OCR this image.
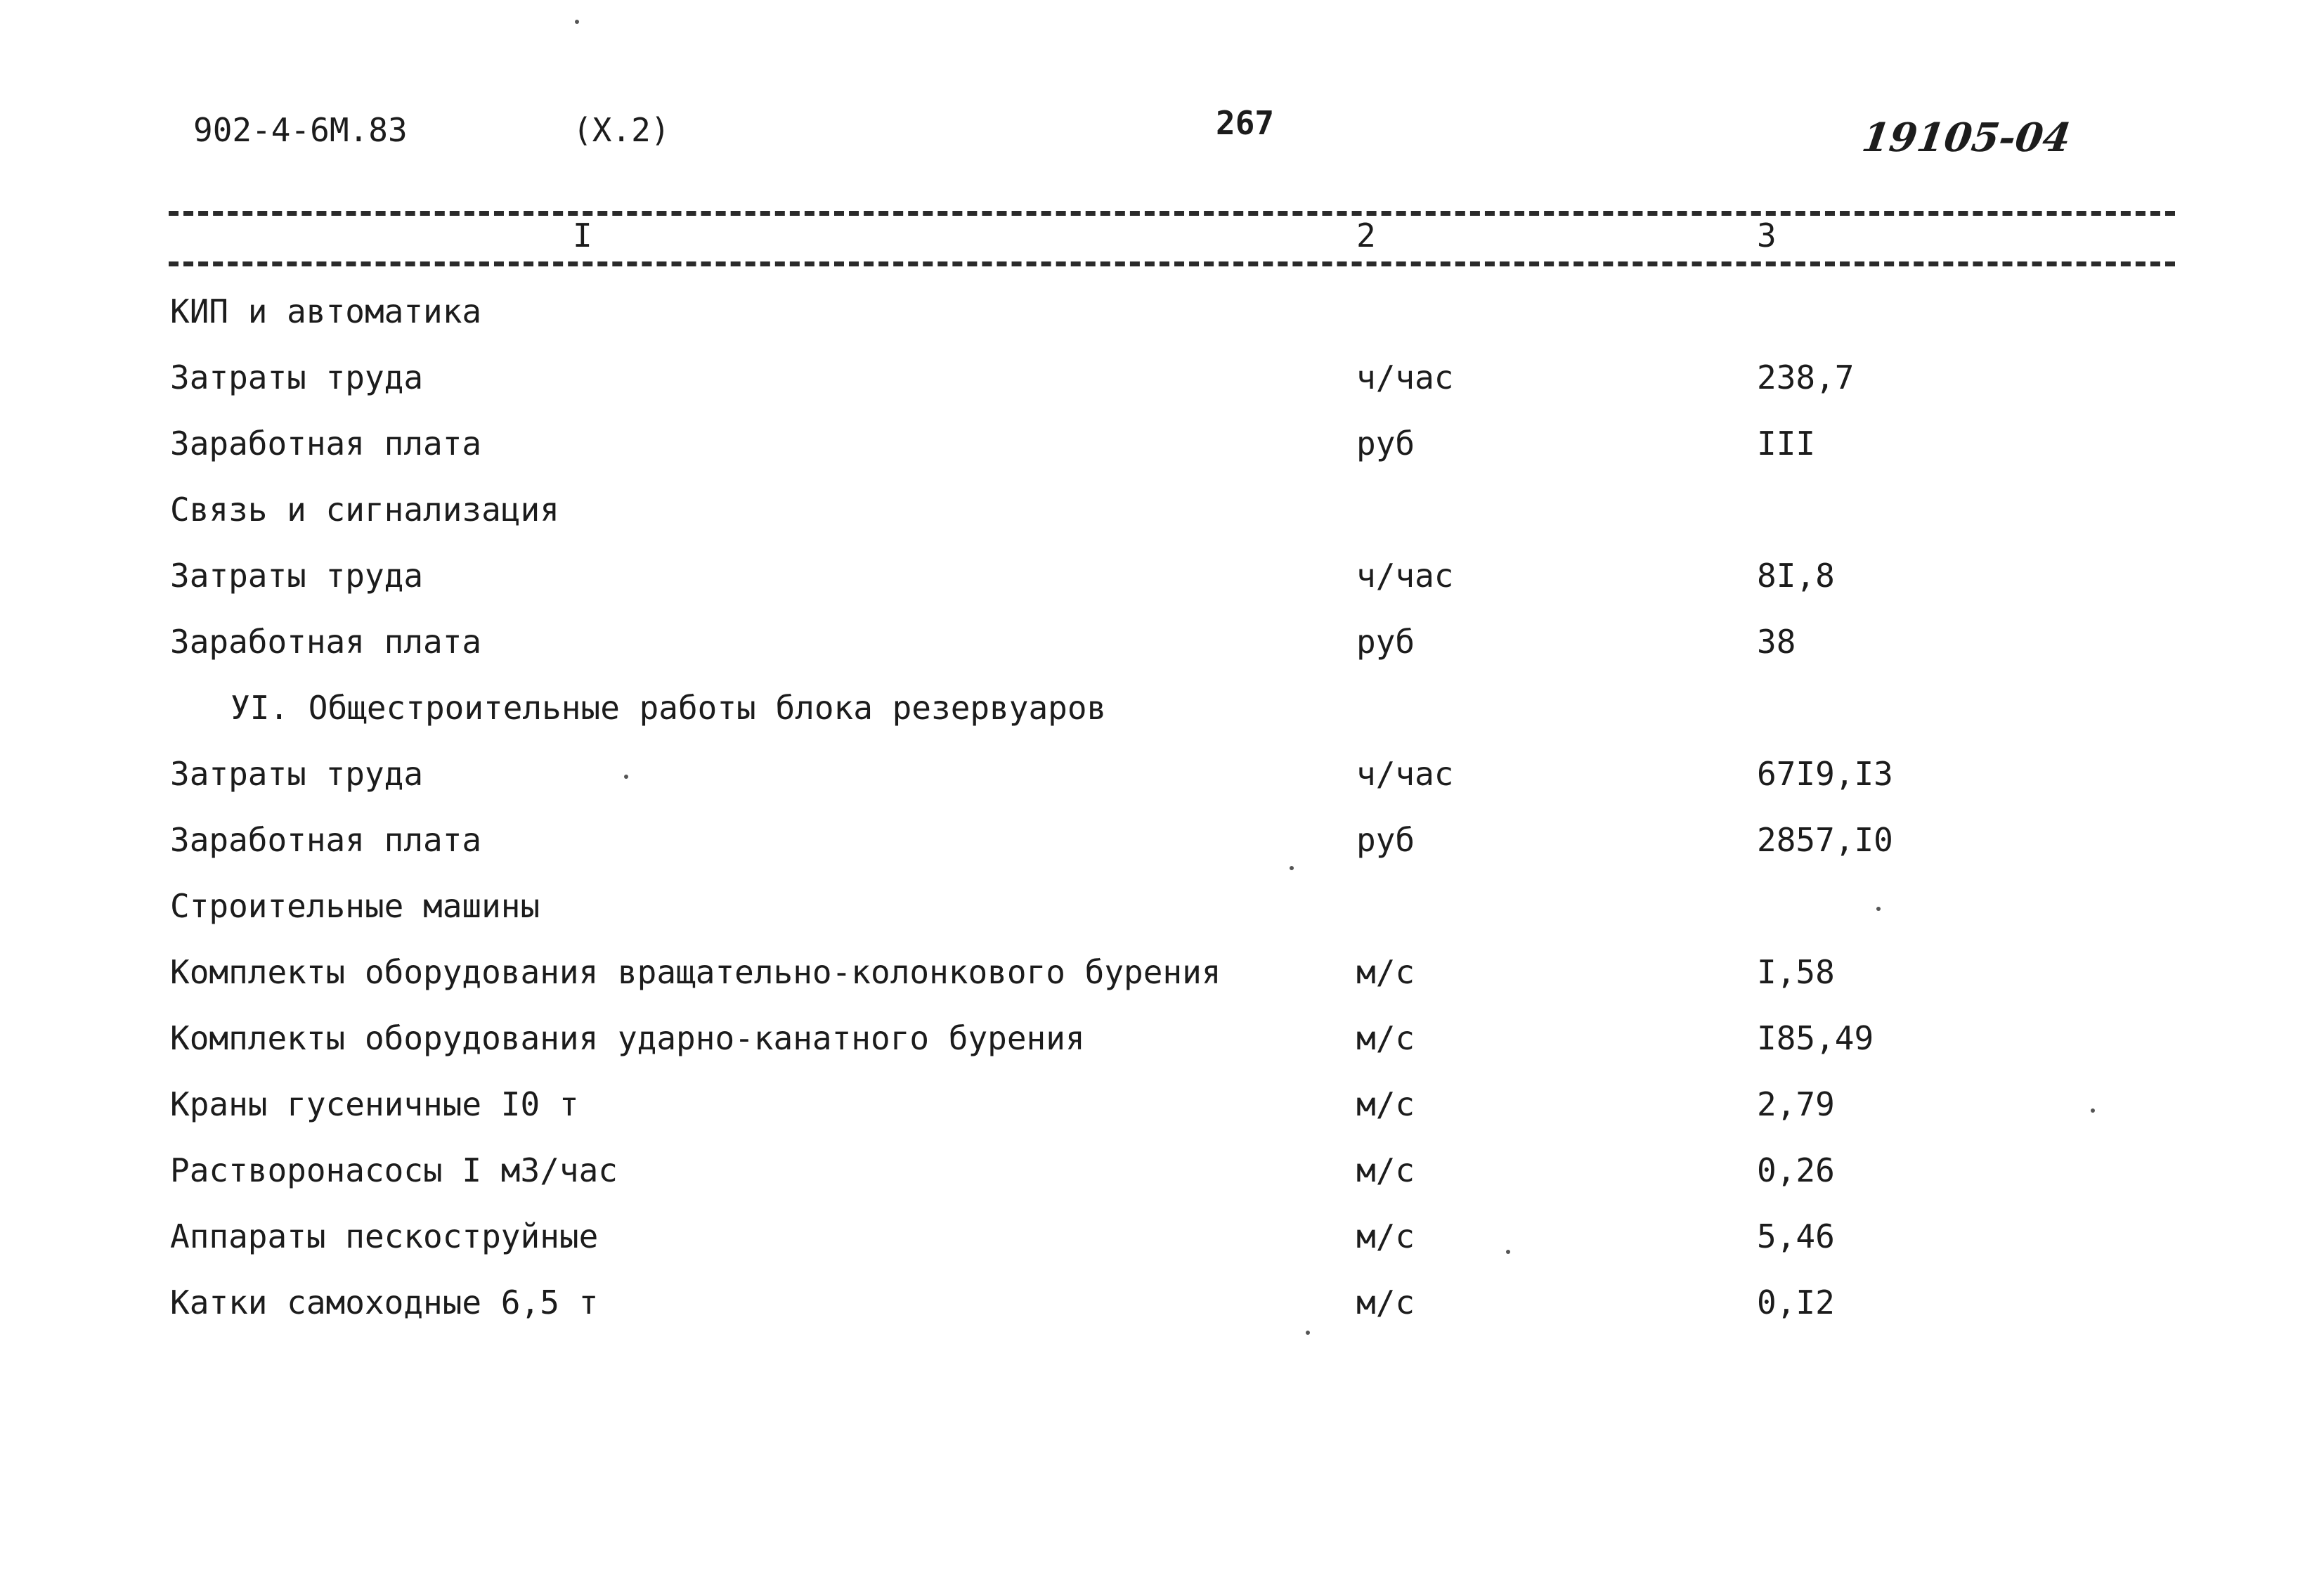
902-4-6М.83	(X.2)	267	19105-04
I	2	3
КИП и автоматика
Затраты труда	ч/час	238,7
Заработная плата	руб	III
Связь и сигнализация
Затраты труда	ч/час	8I,8
Заработная плата	руб	38
УI. Общестроительные работы блока резервуаров
Затраты труда	ч/час	67I9,I3
Заработная плата	руб	2857,I0
Строительные машины
Комплекты оборудования вращательно-колонкового бурения	м/с	I,58
Комплекты оборудования ударно-канатного бурения	м/с	I85,49
Краны гусеничные I0 т	м/с	2,79
Растворонасосы I м3/час	м/с	0,26
Аппараты пескоструйные	м/с	5,46
Катки самоходные 6,5 т	м/с	0,I2
